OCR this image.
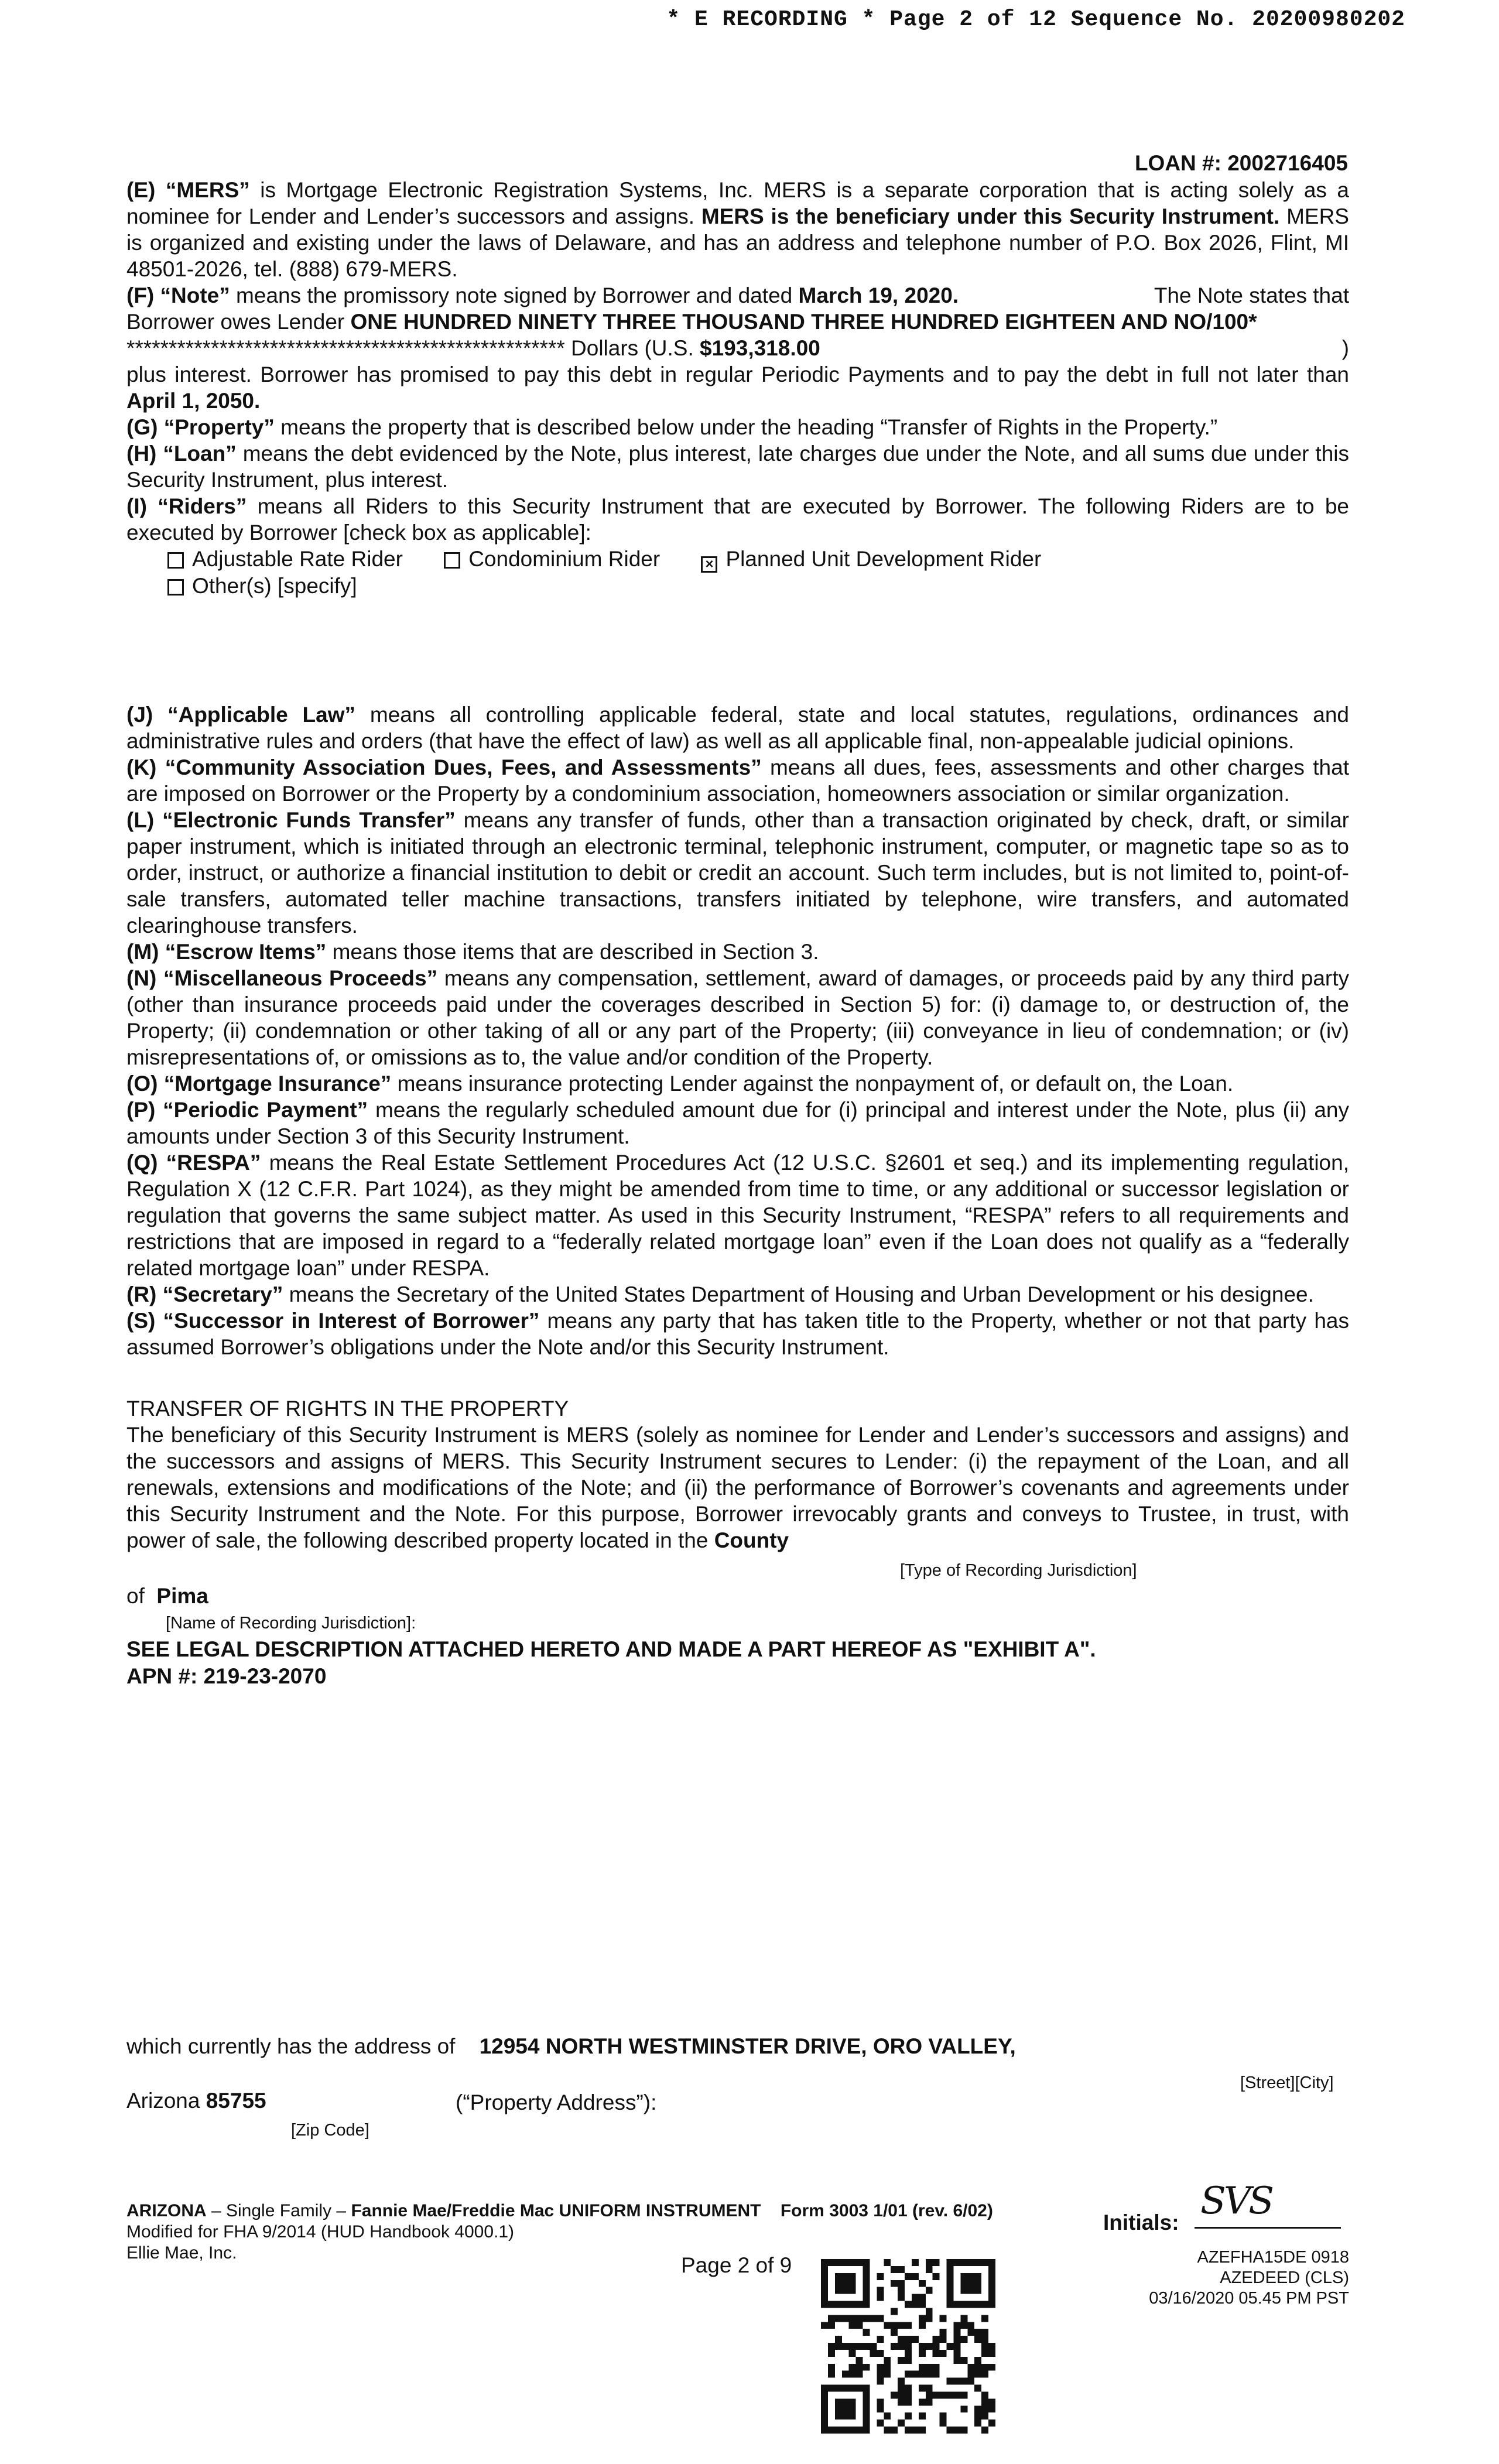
* E RECORDING * Page 2 of 12 Sequence No. 20200980202
LOAN #: 2002716405

(E) “MERS” is Mortgage Electronic Registration Systems, Inc. MERS is a separate corporation that is acting solely as a nominee for Lender and Lender’s successors and assigns. MERS is the beneficiary under this Security Instrument. MERS is organized and existing under the laws of Delaware, and has an address and telephone number of P.O. Box 2026, Flint, MI 48501-2026, tel. (888) 679-MERS.

(F) “Note” means the promissory note signed by Borrower and dated March 19, 2020.	The Note states that

Borrower owes Lender ONE HUNDRED NINETY THREE THOUSAND THREE HUNDRED EIGHTEEN AND NO/100*

**************************************************** Dollars (U.S. $193,318.00	)

plus interest. Borrower has promised to pay this debt in regular Periodic Payments and to pay the debt in full not later than April 1, 2050.

(G) “Property” means the property that is described below under the heading “Transfer of Rights in the Property.”

(H) “Loan” means the debt evidenced by the Note, plus interest, late charges due under the Note, and all sums due under this Security Instrument, plus interest.

(I) “Riders” means all Riders to this Security Instrument that are executed by Borrower. The following Riders are to be executed by Borrower [check box as applicable]:

Adjustable Rate Rider	Condominium Rider	× Planned Unit Development Rider
Other(s) [specify]

(J) “Applicable Law” means all controlling applicable federal, state and local statutes, regulations, ordinances and administrative rules and orders (that have the effect of law) as well as all applicable final, non-appealable judicial opinions.

(K) “Community Association Dues, Fees, and Assessments” means all dues, fees, assessments and other charges that are imposed on Borrower or the Property by a condominium association, homeowners association or similar organization.

(L) “Electronic Funds Transfer” means any transfer of funds, other than a transaction originated by check, draft, or similar paper instrument, which is initiated through an electronic terminal, telephonic instrument, computer, or magnetic tape so as to order, instruct, or authorize a financial institution to debit or credit an account. Such term includes, but is not limited to, point-of-sale transfers, automated teller machine transactions, transfers initiated by telephone, wire transfers, and automated clearinghouse transfers.

(M) “Escrow Items” means those items that are described in Section 3.

(N) “Miscellaneous Proceeds” means any compensation, settlement, award of damages, or proceeds paid by any third party (other than insurance proceeds paid under the coverages described in Section 5) for: (i) damage to, or destruction of, the Property; (ii) condemnation or other taking of all or any part of the Property; (iii) conveyance in lieu of condemnation; or (iv) misrepresentations of, or omissions as to, the value and/or condition of the Property.

(O) “Mortgage Insurance” means insurance protecting Lender against the nonpayment of, or default on, the Loan.

(P) “Periodic Payment” means the regularly scheduled amount due for (i) principal and interest under the Note, plus (ii) any amounts under Section 3 of this Security Instrument.

(Q) “RESPA” means the Real Estate Settlement Procedures Act (12 U.S.C. §2601 et seq.) and its implementing regulation, Regulation X (12 C.F.R. Part 1024), as they might be amended from time to time, or any additional or successor legislation or regulation that governs the same subject matter. As used in this Security Instrument, “RESPA” refers to all requirements and restrictions that are imposed in regard to a “federally related mortgage loan” even if the Loan does not qualify as a “federally related mortgage loan” under RESPA.

(R) “Secretary” means the Secretary of the United States Department of Housing and Urban Development or his designee.

(S) “Successor in Interest of Borrower” means any party that has taken title to the Property, whether or not that party has assumed Borrower’s obligations under the Note and/or this Security Instrument.

TRANSFER OF RIGHTS IN THE PROPERTY

The beneficiary of this Security Instrument is MERS (solely as nominee for Lender and Lender’s successors and assigns) and the successors and assigns of MERS. This Security Instrument secures to Lender: (i) the repayment of the Loan, and all renewals, extensions and modifications of the Note; and (ii) the performance of Borrower’s covenants and agreements under this Security Instrument and the Note. For this purpose, Borrower irrevocably grants and conveys to Trustee, in trust, with power of sale, the following described property located in the County

[Type of Recording Jurisdiction]
of Pima
[Name of Recording Jurisdiction]:
SEE LEGAL DESCRIPTION ATTACHED HERETO AND MADE A PART HEREOF AS "EXHIBIT A".
APN #: 219-23-2070
which currently has the address of 12954 NORTH WESTMINSTER DRIVE, ORO VALLEY,
[Street][City]
Arizona 85755	(“Property Address”):
[Zip Code]
ARIZONA – Single Family – Fannie Mae/Freddie Mac UNIFORM INSTRUMENT Form 3003 1/01 (rev. 6/02)
Modified for FHA 9/2014 (HUD Handbook 4000.1)
Ellie Mae, Inc.
Page 2 of 9
Initials: SVS
AZEFHA15DE 0918
AZEDEED (CLS)
03/16/2020 05.45 PM PST
